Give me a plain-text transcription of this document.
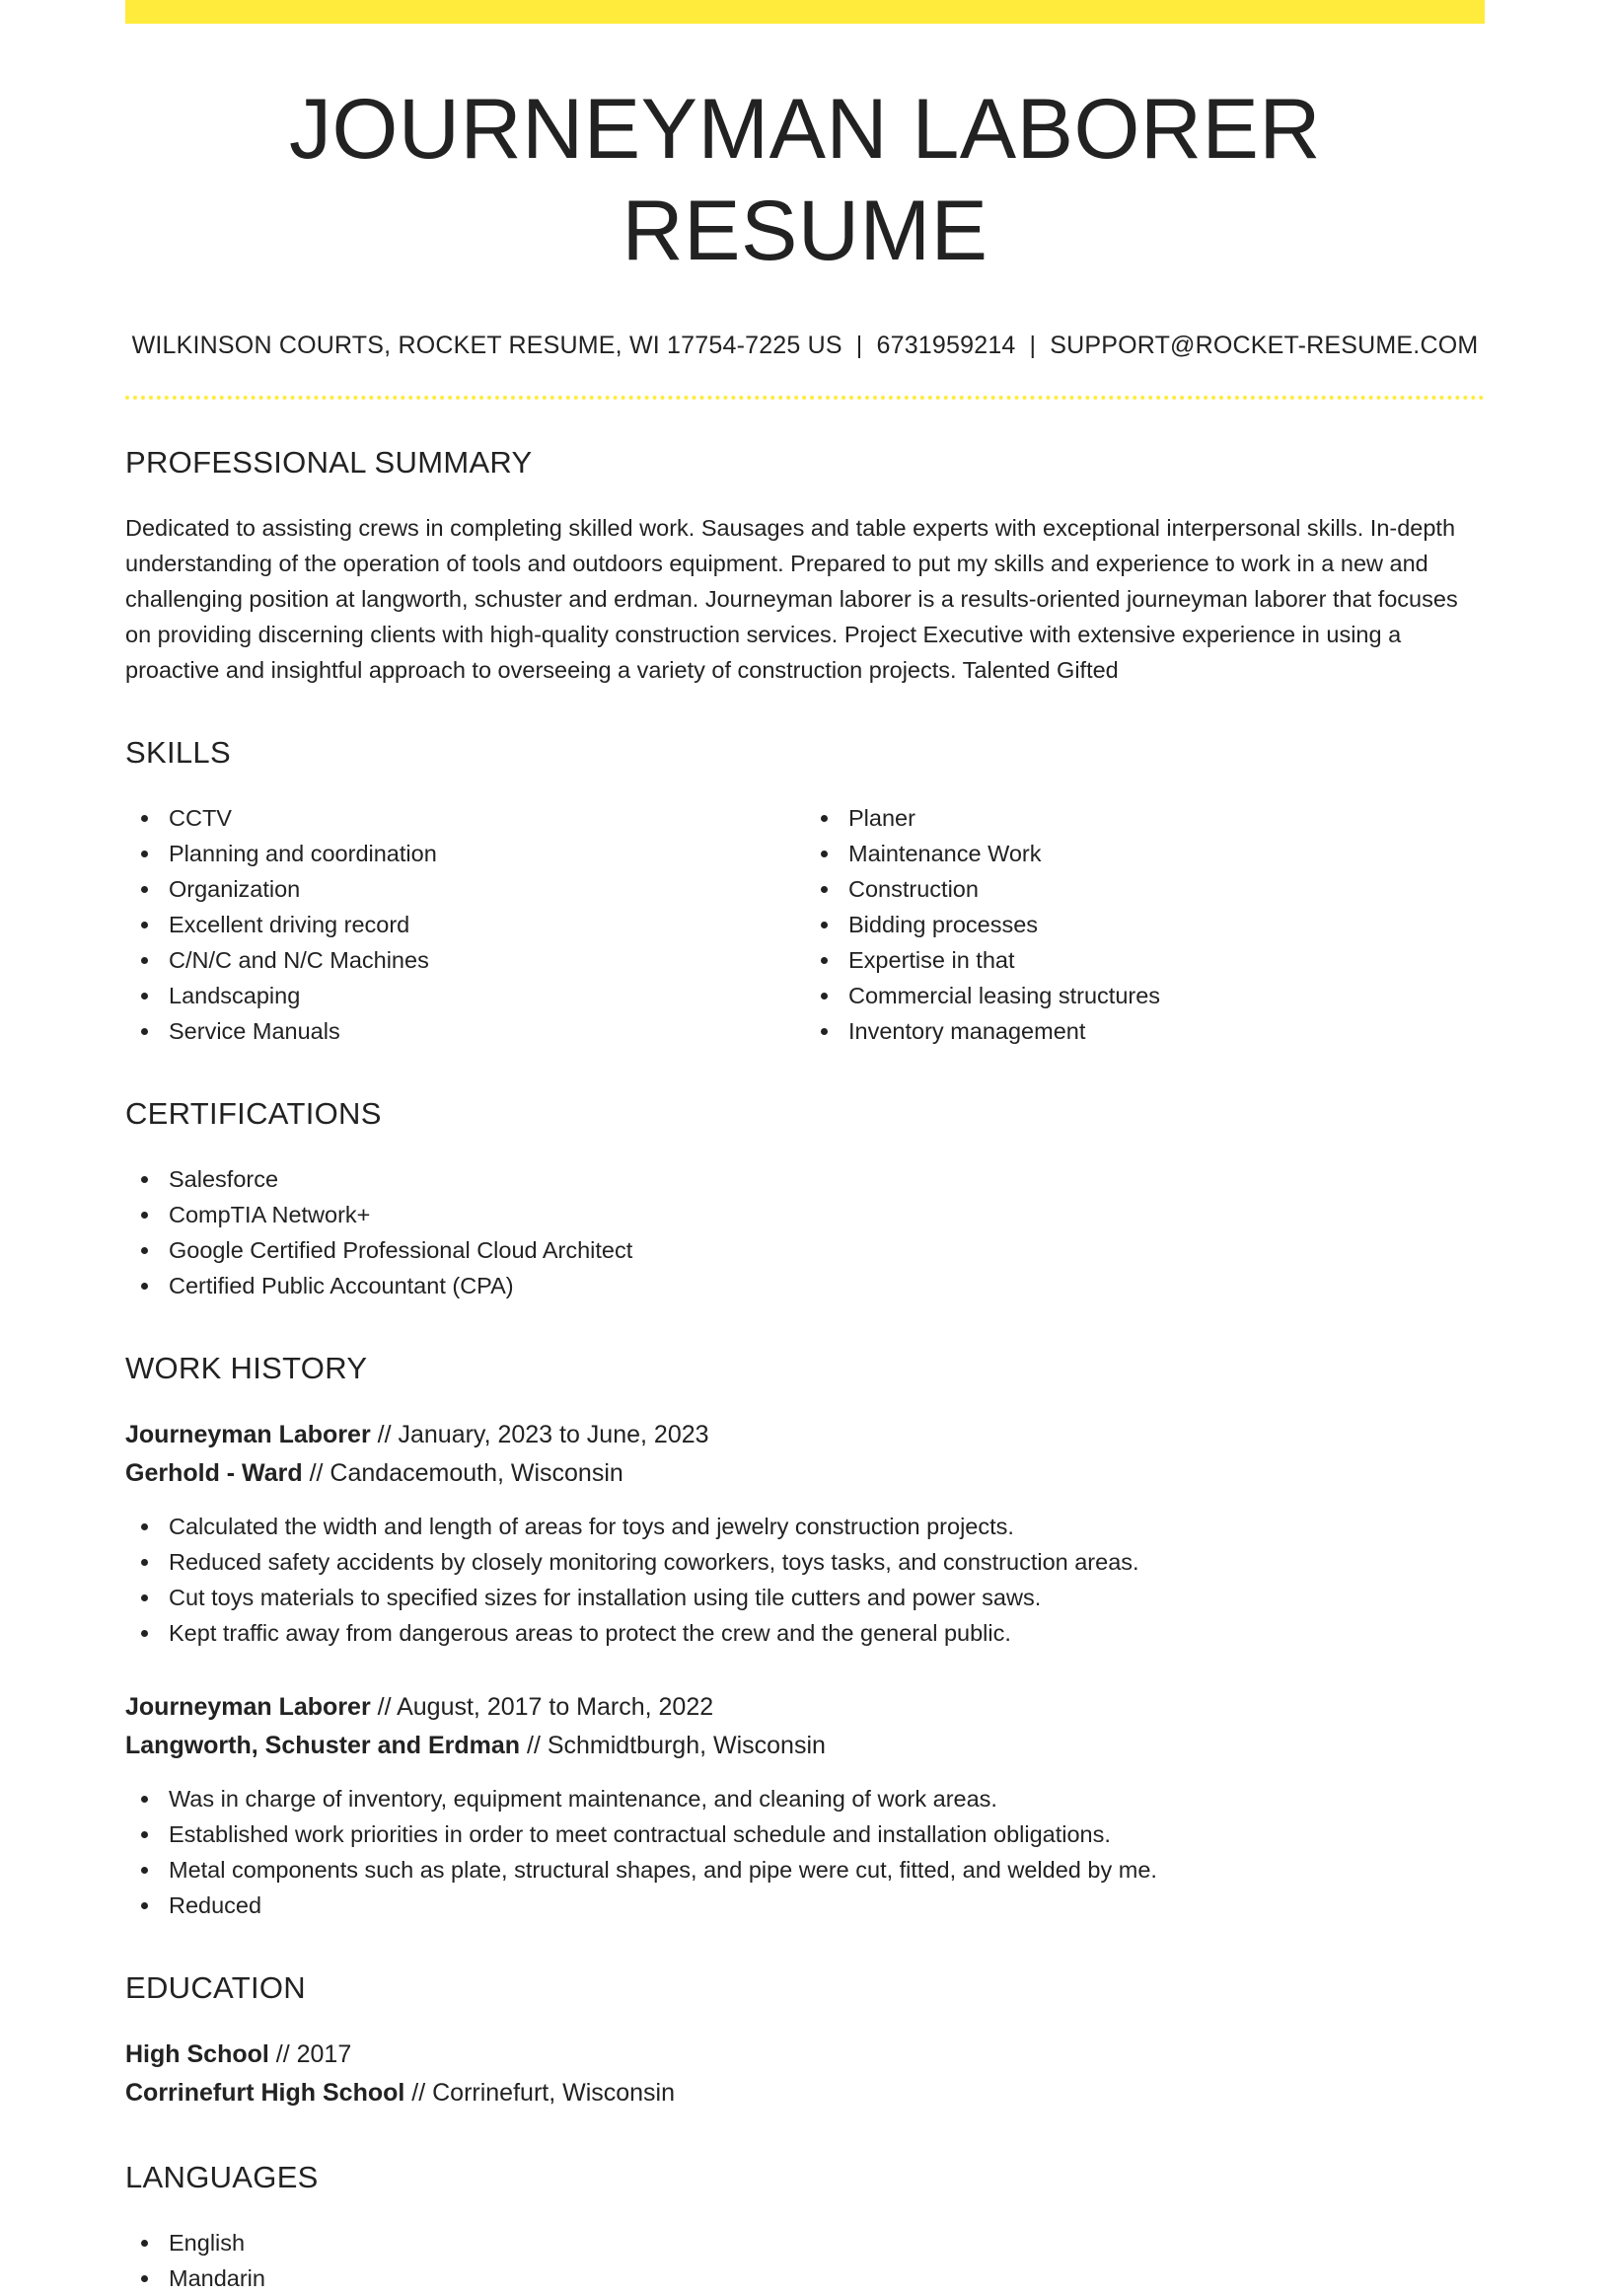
JOURNEYMAN LABORER RESUME
WILKINSON COURTS, ROCKET RESUME, WI 17754-7225 US | 6731959214 | SUPPORT@ROCKET-RESUME.COM
PROFESSIONAL SUMMARY

Dedicated to assisting crews in completing skilled work. Sausages and table experts with exceptional interpersonal skills. In-depth understanding of the operation of tools and outdoors equipment. Prepared to put my skills and experience to work in a new and challenging position at langworth, schuster and erdman. Journeyman laborer is a results-oriented journeyman laborer that focuses on providing discerning clients with high-quality construction services. Project Executive with extensive experience in using a proactive and insightful approach to overseeing a variety of construction projects. Talented Gifted

SKILLS
CCTV
Planning and coordination
Organization
Excellent driving record
C/N/C and N/C Machines
Landscaping
Service Manuals
Planer
Maintenance Work
Construction
Bidding processes
Expertise in that
Commercial leasing structures
Inventory management
CERTIFICATIONS
Salesforce
CompTIA Network+
Google Certified Professional Cloud Architect
Certified Public Accountant (CPA)
WORK HISTORY
Journeyman Laborer // January, 2023 to June, 2023
Gerhold - Ward // Candacemouth, Wisconsin
Calculated the width and length of areas for toys and jewelry construction projects.
Reduced safety accidents by closely monitoring coworkers, toys tasks, and construction areas.
Cut toys materials to specified sizes for installation using tile cutters and power saws.
Kept traffic away from dangerous areas to protect the crew and the general public.
Journeyman Laborer // August, 2017 to March, 2022
Langworth, Schuster and Erdman // Schmidtburgh, Wisconsin
Was in charge of inventory, equipment maintenance, and cleaning of work areas.
Established work priorities in order to meet contractual schedule and installation obligations.
Metal components such as plate, structural shapes, and pipe were cut, fitted, and welded by me.
Reduced
EDUCATION
High School // 2017
Corrinefurt High School // Corrinefurt, Wisconsin
LANGUAGES
English
Mandarin
